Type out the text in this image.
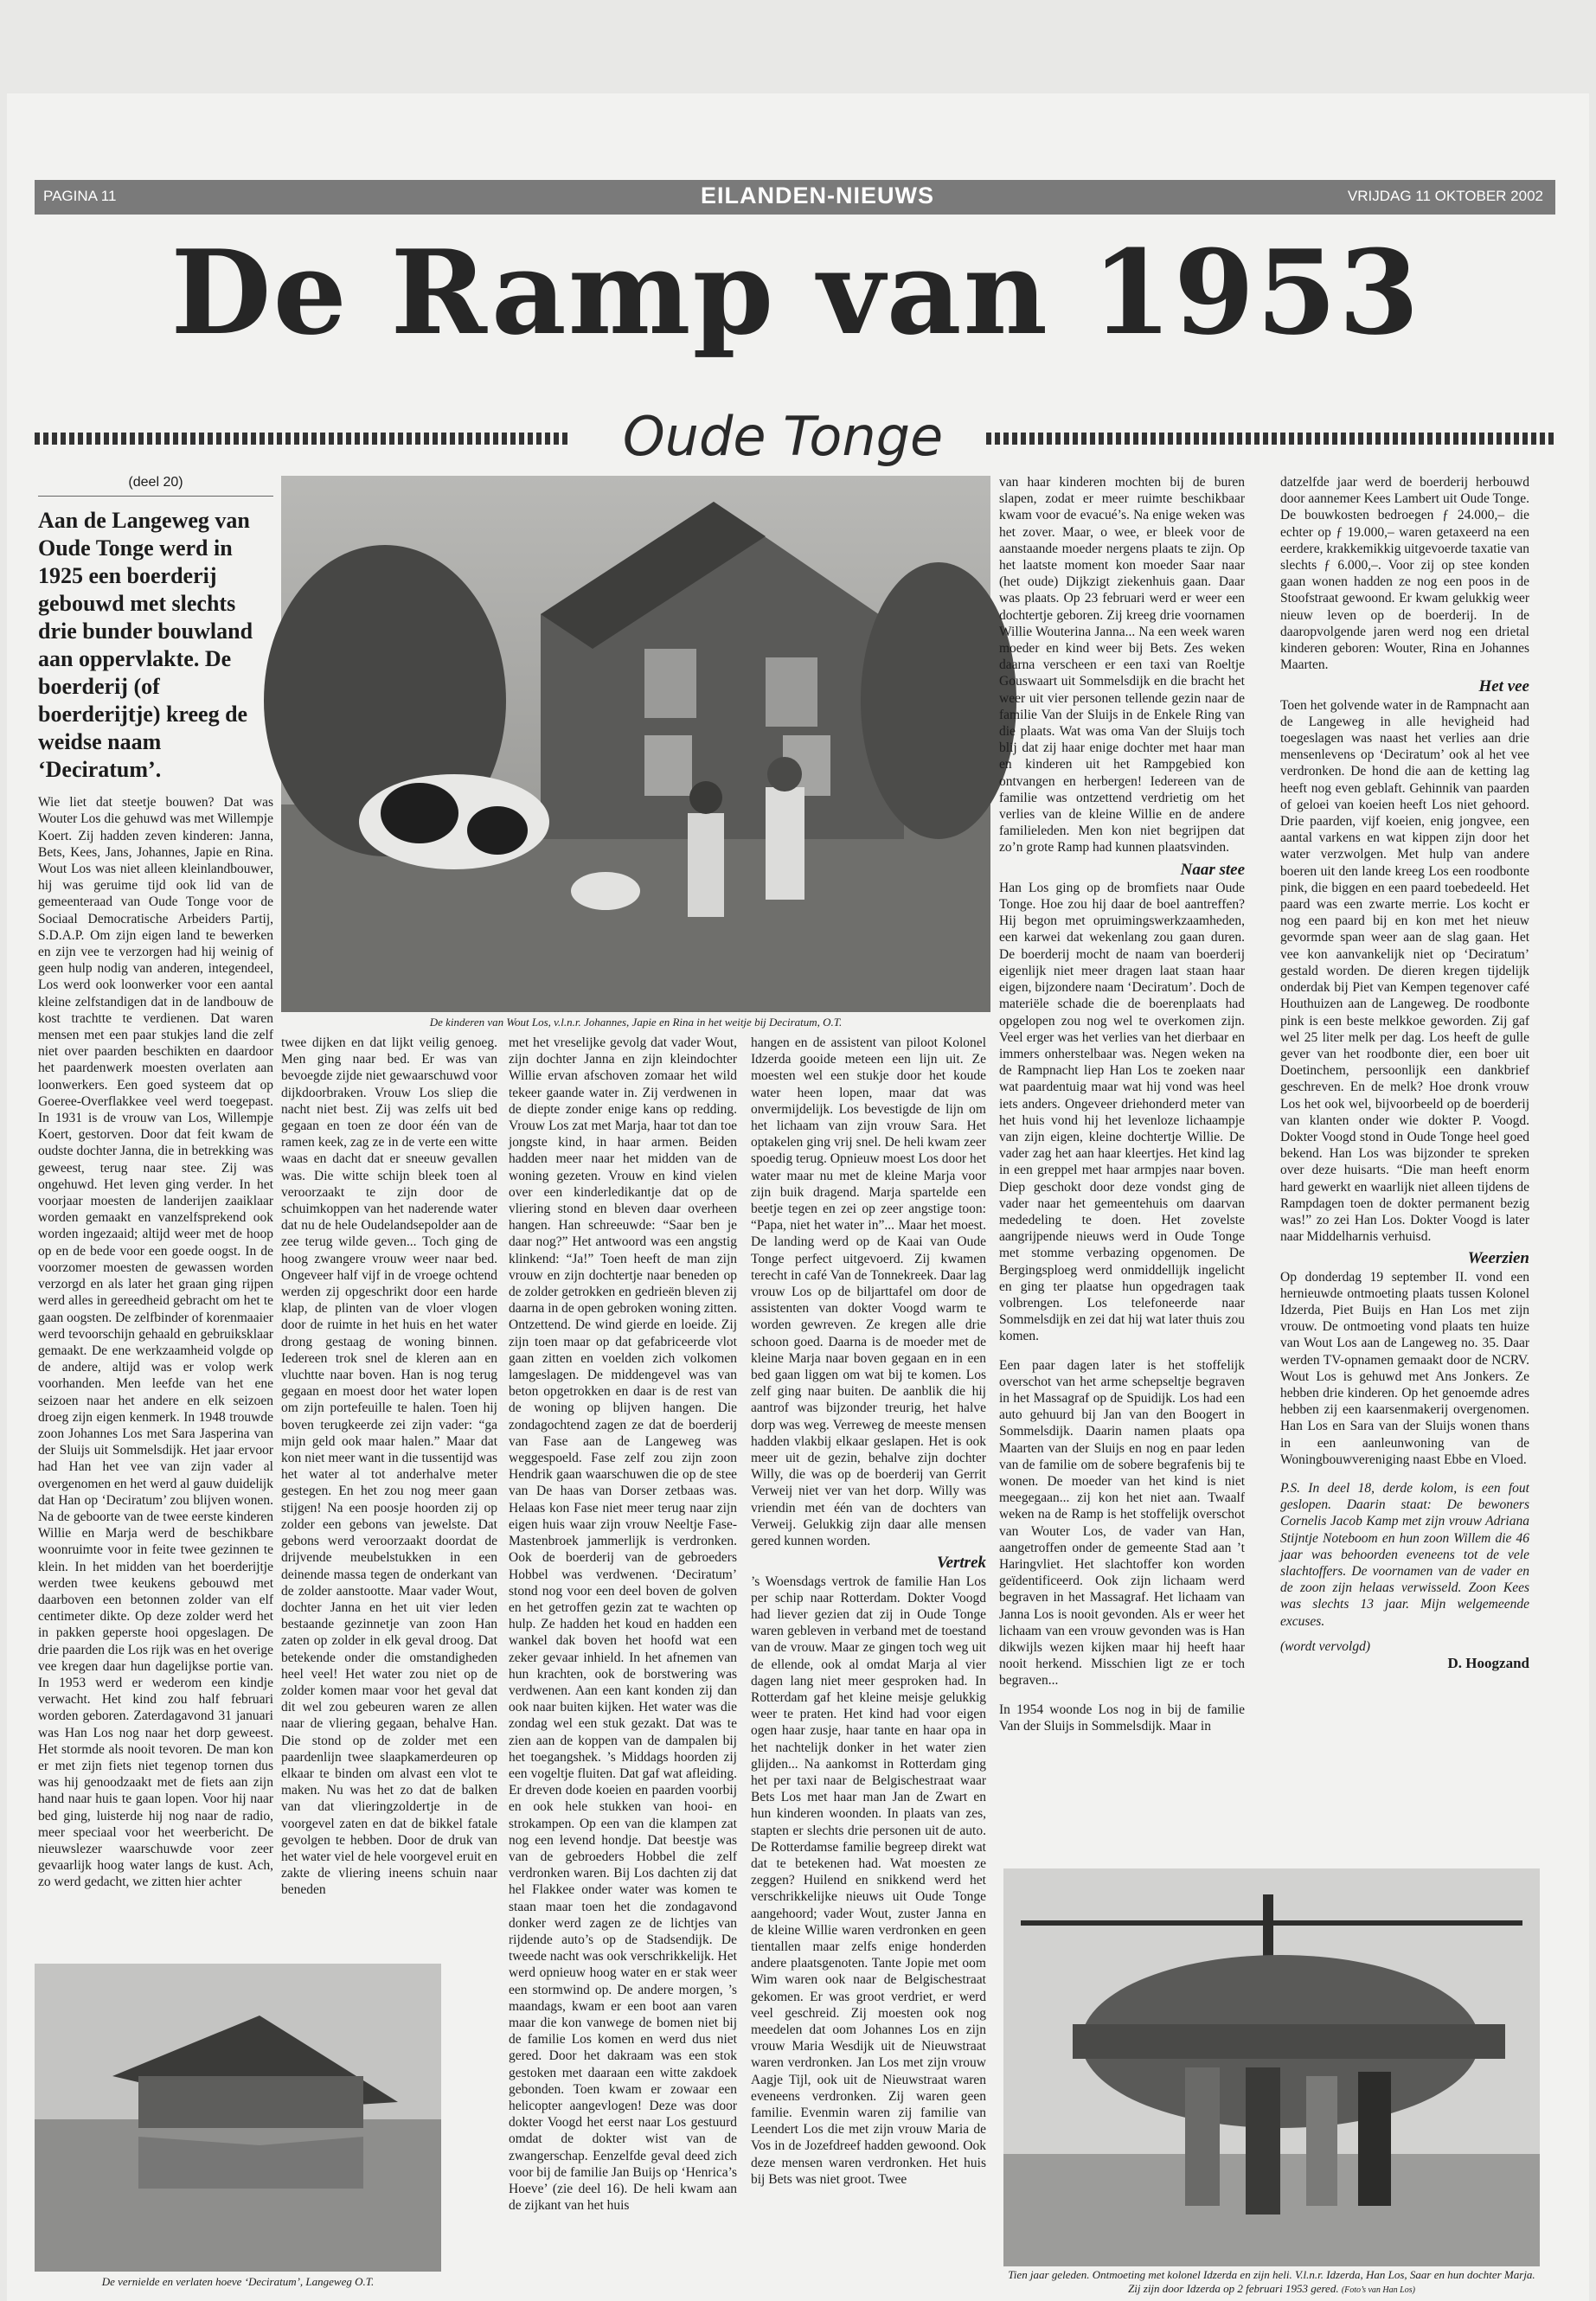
PAGINA 11	EILANDEN-NIEUWS	VRIJDAG 11 OKTOBER 2002
De Ramp van 1953
Oude Tonge
(deel 20)

Aan de Langeweg van Oude Tonge werd in 1925 een boerderij gebouwd met slechts drie bunder bouwland aan oppervlakte. De boerderij (of boerderijtje) kreeg de weidse naam ‘Deciratum’.

Wie liet dat steetje bouwen? Dat was Wouter Los die gehuwd was met Willempje Koert. Zij hadden zeven kinderen: Janna, Bets, Kees, Jans, Johannes, Japie en Rina. Wout Los was niet alleen kleinlandbouwer, hij was geruime tijd ook lid van de gemeenteraad van Oude Tonge voor de Sociaal Democratische Arbeiders Partij, S.D.A.P. Om zijn eigen land te bewerken en zijn vee te verzorgen had hij weinig of geen hulp nodig van anderen, integendeel, Los werd ook loonwerker voor een aantal kleine zelfstandigen dat in de landbouw de kost trachtte te verdienen. Dat waren mensen met een paar stukjes land die zelf niet over paarden beschikten en daardoor het paardenwerk moesten overlaten aan loonwerkers. Een goed systeem dat op Goeree-Overflakkee veel werd toegepast. In 1931 is de vrouw van Los, Willempje Koert, gestorven. Door dat feit kwam de oudste dochter Janna, die in betrekking was geweest, terug naar stee. Zij was ongehuwd. Het leven ging verder. In het voorjaar moesten de landerijen zaaiklaar worden gemaakt en vanzelfsprekend ook worden ingezaaid; altijd weer met de hoop op en de bede voor een goede oogst. In de voorzomer moesten de gewassen worden verzorgd en als later het graan ging rijpen werd alles in gereedheid gebracht om het te gaan oogsten. De zelfbinder of korenmaaier werd tevoorschijn gehaald en gebruiksklaar gemaakt. De ene werkzaamheid volgde op de andere, altijd was er volop werk voorhanden. Men leefde van het ene seizoen naar het andere en elk seizoen droeg zijn eigen kenmerk. In 1948 trouwde zoon Johannes Los met Sara Jasperina van der Sluijs uit Sommelsdijk. Het jaar ervoor had Han het vee van zijn vader al overgenomen en het werd al gauw duidelijk dat Han op ‘Deciratum’ zou blijven wonen. Na de geboorte van de twee eerste kinderen Willie en Marja werd de beschikbare woonruimte voor in feite twee gezinnen te klein. In het midden van het boerderijtje werden twee keukens gebouwd met daarboven een betonnen zolder van elf centimeter dikte. Op deze zolder werd het in pakken geperste hooi opgeslagen. De drie paarden die Los rijk was en het overige vee kregen daar hun dagelijkse portie van. In 1953 werd er wederom een kindje verwacht. Het kind zou half februari worden geboren. Zaterdagavond 31 januari was Han Los nog naar het dorp geweest. Het stormde als nooit tevoren. De man kon er met zijn fiets niet tegenop tornen dus was hij genoodzaakt met de fiets aan zijn hand naar huis te gaan lopen. Voor hij naar bed ging, luisterde hij nog naar de radio, meer speciaal voor het weerbericht. De nieuwslezer waarschuwde voor zeer gevaarlijk hoog water langs de kust. Ach, zo werd gedacht, we zitten hier achter

De kinderen van Wout Los, v.l.n.r. Johannes, Japie en Rina in het weitje bij Deciratum, O.T.

twee dijken en dat lijkt veilig genoeg. Men ging naar bed. Er was van bevoegde zijde niet gewaarschuwd voor dijkdoorbraken. Vrouw Los sliep die nacht niet best. Zij was zelfs uit bed gegaan en toen ze door één van de ramen keek, zag ze in de verte een witte waas en dacht dat er sneeuw gevallen was. Die witte schijn bleek toen al veroorzaakt te zijn door de schuimkoppen van het naderende water dat nu de hele Oudelandsepolder aan de zee terug wilde geven... Toch ging de hoog zwangere vrouw weer naar bed. Ongeveer half vijf in de vroege ochtend werden zij opgeschrikt door een harde klap, de plinten van de vloer vlogen door de ruimte in het huis en het water drong gestaag de woning binnen. Iedereen trok snel de kleren aan en vluchtte naar boven. Han is nog terug gegaan en moest door het water lopen om zijn portefeuille te halen. Toen hij boven terugkeerde zei zijn vader: “ga mijn geld ook maar halen.” Maar dat kon niet meer want in die tussentijd was het water al tot anderhalve meter gestegen. En het zou nog meer gaan stijgen! Na een poosje hoorden zij op zolder een gebons van jewelste. Dat gebons werd veroorzaakt doordat de drijvende meubelstukken in een deinende massa tegen de onderkant van de zolder aanstootte. Maar vader Wout, dochter Janna en het uit vier leden bestaande gezinnetje van zoon Han zaten op zolder in elk geval droog. Dat betekende onder die omstandigheden heel veel! Het water zou niet op de zolder komen maar voor het geval dat dit wel zou gebeuren waren ze allen naar de vliering gegaan, behalve Han. Die stond op de zolder met een paardenlijn twee slaapkamerdeuren op elkaar te binden om alvast een vlot te maken. Nu was het zo dat de balken van dat vlieringzoldertje in de voorgevel zaten en dat de bikkel fatale gevolgen te hebben. Door de druk van het water viel de hele voorgevel eruit en zakte de vliering ineens schuin naar beneden

met het vreselijke gevolg dat vader Wout, zijn dochter Janna en zijn kleindochter Willie ervan afschoven zomaar het wild tekeer gaande water in. Zij verdwenen in de diepte zonder enige kans op redding. Vrouw Los zat met Marja, haar tot dan toe jongste kind, in haar armen. Beiden hadden meer naar het midden van de woning gezeten. Vrouw en kind vielen over een kinderledikantje dat op de vliering stond en bleven daar overheen hangen. Han schreeuwde: “Saar ben je daar nog?” Het antwoord was een angstig klinkend: “Ja!” Toen heeft de man zijn vrouw en zijn dochtertje naar beneden op de zolder getrokken en gedrieën bleven zij daarna in de open gebroken woning zitten. Ontzettend. De wind gierde en loeide. Zij zijn toen maar op dat gefabriceerde vlot gaan zitten en voelden zich volkomen lamgeslagen. De middengevel was van beton opgetrokken en daar is de rest van de woning op blijven hangen. Die zondagochtend zagen ze dat de boerderij van Fase aan de Langeweg was weggespoeld. Fase zelf zou zijn zoon Hendrik gaan waarschuwen die op de stee van De haas van Dorser zetbaas was. Helaas kon Fase niet meer terug naar zijn eigen huis waar zijn vrouw Neeltje Fase-Mastenbroek jammerlijk is verdronken. Ook de boerderij van de gebroeders Hobbel was verdwenen. ‘Deciratum’ stond nog voor een deel boven de golven en het getroffen gezin zat te wachten op hulp. Ze hadden het koud en hadden een wankel dak boven het hoofd wat een zeker gevaar inhield. In het afnemen van hun krachten, ook de borstwering was verdwenen. Aan een kant konden zij dan ook naar buiten kijken. Het water was die zondag wel een stuk gezakt. Dat was te zien aan de koppen van de dampalen bij het toegangshek. ’s Middags hoorden zij een vogeltje fluiten. Dat gaf wat afleiding. Er dreven dode koeien en paarden voorbij en ook hele stukken van hooi- en strokampen. Op een van die klampen zat nog een levend hondje. Dat beestje was van de gebroeders Hobbel die zelf verdronken waren. Bij Los dachten zij dat hel Flakkee onder water was komen te staan maar toen het die zondagavond donker werd zagen ze de lichtjes van rijdende auto’s op de Stadsendijk. De tweede nacht was ook verschrikkelijk. Het werd opnieuw hoog water en er stak weer een stormwind op. De andere morgen, ’s maandags, kwam er een boot aan varen maar die kon vanwege de bomen niet bij de familie Los komen en werd dus niet gered. Door het dakraam was een stok gestoken met daaraan een witte zakdoek gebonden. Toen kwam er zowaar een helicopter aangevlogen! Deze was door dokter Voogd het eerst naar Los gestuurd omdat de dokter wist van de zwangerschap. Eenzelfde geval deed zich voor bij de familie Jan Buijs op ‘Henrica’s Hoeve’ (zie deel 16). De heli kwam aan de zijkant van het huis

hangen en de assistent van piloot Kolonel Idzerda gooide meteen een lijn uit. Ze moesten wel een stukje door het koude water heen lopen, maar dat was onvermijdelijk. Los bevestigde de lijn om het lichaam van zijn vrouw Sara. Het optakelen ging vrij snel. De heli kwam zeer spoedig terug. Opnieuw moest Los door het water maar nu met de kleine Marja voor zijn buik dragend. Marja spartelde een beetje tegen en zei op zeer angstige toon: “Papa, niet het water in”... Maar het moest. De landing werd op de Kaai van Oude Tonge perfect uitgevoerd. Zij kwamen terecht in café Van de Tonnekreek. Daar lag vrouw Los op de biljarttafel om door de assistenten van dokter Voogd warm te worden gewreven. Ze kregen alle drie schoon goed. Daarna is de moeder met de kleine Marja naar boven gegaan en in een bed gaan liggen om wat bij te komen. Los zelf ging naar buiten. De aanblik die hij aantrof was bijzonder treurig, het halve dorp was weg. Verreweg de meeste mensen hadden vlakbij elkaar geslapen. Het is ook meer uit de gezin, behalve zijn dochter Willy, die was op de boerderij van Gerrit Verweij niet ver van het dorp. Willy was vriendin met één van de dochters van Verweij. Gelukkig zijn daar alle mensen gered kunnen worden.

Vertrek

’s Woensdags vertrok de familie Han Los per schip naar Rotterdam. Dokter Voogd had liever gezien dat zij in Oude Tonge waren gebleven in verband met de toestand van de vrouw. Maar ze gingen toch weg uit de ellende, ook al omdat Marja al vier dagen lang niet meer gesproken had. In Rotterdam gaf het kleine meisje gelukkig weer te praten. Het kind had voor eigen ogen haar zusje, haar tante en haar opa in het nachtelijk donker in het water zien glijden... Na aankomst in Rotterdam ging het per taxi naar de Belgischestraat waar Bets Los met haar man Jan de Zwart en hun kinderen woonden. In plaats van zes, stapten er slechts drie personen uit de auto. De Rotterdamse familie begreep direkt wat dat te betekenen had. Wat moesten ze zeggen? Huilend en snikkend werd het verschrikkelijke nieuws uit Oude Tonge aangehoord; vader Wout, zuster Janna en de kleine Willie waren verdronken en geen tientallen maar zelfs enige honderden andere plaatsgenoten. Tante Jopie met oom Wim waren ook naar de Belgischestraat gekomen. Er was groot verdriet, er werd veel geschreid. Zij moesten ook nog meedelen dat oom Johannes Los en zijn vrouw Maria Wesdijk uit de Nieuwstraat waren verdronken. Jan Los met zijn vrouw Aagje Tijl, ook uit de Nieuwstraat waren eveneens verdronken. Zij waren geen familie. Evenmin waren zij familie van Leendert Los die met zijn vrouw Maria de Vos in de Jozefdreef hadden gewoond. Ook deze mensen waren verdronken. Het huis bij Bets was niet groot. Twee

van haar kinderen mochten bij de buren slapen, zodat er meer ruimte beschikbaar kwam voor de evacué’s. Na enige weken was het zover. Maar, o wee, er bleek voor de aanstaande moeder nergens plaats te zijn. Op het laatste moment kon moeder Saar naar (het oude) Dijkzigt ziekenhuis gaan. Daar was plaats. Op 23 februari werd er weer een dochtertje geboren. Zij kreeg drie voornamen Willie Wouterina Janna... Na een week waren moeder en kind weer bij Bets. Zes weken daarna verscheen er een taxi van Roeltje Gouswaart uit Sommelsdijk en die bracht het weer uit vier personen tellende gezin naar de familie Van der Sluijs in de Enkele Ring van die plaats. Wat was oma Van der Sluijs toch blij dat zij haar enige dochter met haar man en kinderen uit het Rampgebied kon ontvangen en herbergen! Iedereen van de familie was ontzettend verdrietig om het verlies van de kleine Willie en de andere familieleden. Men kon niet begrijpen dat zo’n grote Ramp had kunnen plaatsvinden.

Naar stee

Han Los ging op de bromfiets naar Oude Tonge. Hoe zou hij daar de boel aantreffen? Hij begon met opruimingswerkzaamheden, een karwei dat wekenlang zou gaan duren. De boerderij mocht de naam van boerderij eigenlijk niet meer dragen laat staan haar eigen, bijzondere naam ‘Deciratum’. Doch de materiële schade die de boerenplaats had opgelopen zou nog wel te overkomen zijn. Veel erger was het verlies van het dierbaar en immers onherstelbaar was. Negen weken na de Rampnacht liep Han Los te zoeken naar wat paardentuig maar wat hij vond was heel iets anders. Ongeveer driehonderd meter van het huis vond hij het levenloze lichaampje van zijn eigen, kleine dochtertje Willie. De vader zag het aan haar kleertjes. Het kind lag in een greppel met haar armpjes naar boven. Diep geschokt door deze vondst ging de vader naar het gemeentehuis om daarvan mededeling te doen. Het zovelste aangrijpende nieuws werd in Oude Tonge met stomme verbazing opgenomen. De Bergingsploeg werd onmiddellijk ingelicht en ging ter plaatse hun opgedragen taak volbrengen. Los telefoneerde naar Sommelsdijk en zei dat hij wat later thuis zou komen.

Een paar dagen later is het stoffelijk overschot van het arme schepseltje begraven in het Massagraf op de Spuidijk. Los had een auto gehuurd bij Jan van den Boogert in Sommelsdijk. Daarin namen plaats opa Maarten van der Sluijs en nog en paar leden van de familie om de sobere begrafenis bij te wonen. De moeder van het kind is niet meegegaan... zij kon het niet aan. Twaalf weken na de Ramp is het stoffelijk overschot van Wouter Los, de vader van Han, aangetroffen onder de gemeente Stad aan ’t Haringvliet. Het slachtoffer kon worden geïdentificeerd. Ook zijn lichaam werd begraven in het Massagraf. Het lichaam van Janna Los is nooit gevonden. Als er weer het lichaam van een vrouw gevonden was is Han dikwijls wezen kijken maar hij heeft haar nooit herkend. Misschien ligt ze er toch begraven...

In 1954 woonde Los nog in bij de familie Van der Sluijs in Sommelsdijk. Maar in

datzelfde jaar werd de boerderij herbouwd door aannemer Kees Lambert uit Oude Tonge. De bouwkosten bedroegen ƒ 24.000,– die echter op ƒ 19.000,– waren getaxeerd na een eerdere, krakkemikkig uitgevoerde taxatie van slechts ƒ 6.000,–. Voor zij op stee konden gaan wonen hadden ze nog een poos in de Stoofstraat gewoond. Er kwam gelukkig weer nieuw leven op de boerderij. In de daaropvolgende jaren werd nog een drietal kinderen geboren: Wouter, Rina en Johannes Maarten.

Het vee

Toen het golvende water in de Rampnacht aan de Langeweg in alle hevigheid had toegeslagen was naast het verlies aan drie mensenlevens op ‘Deciratum’ ook al het vee verdronken. De hond die aan de ketting lag heeft nog even geblaft. Gehinnik van paarden of geloei van koeien heeft Los niet gehoord. Drie paarden, vijf koeien, enig jongvee, een aantal varkens en wat kippen zijn door het water verzwolgen. Met hulp van andere boeren uit den lande kreeg Los een roodbonte pink, die biggen en een paard toebedeeld. Het paard was een zwarte merrie. Los kocht er nog een paard bij en kon met het nieuw gevormde span weer aan de slag gaan. Het vee kon aanvankelijk niet op ‘Deciratum’ gestald worden. De dieren kregen tijdelijk onderdak bij Piet van Kempen tegenover café Houthuizen aan de Langeweg. De roodbonte pink is een beste melkkoe geworden. Zij gaf wel 25 liter melk per dag. Los heeft de gulle gever van het roodbonte dier, een boer uit Doetinchem, persoonlijk een dankbrief geschreven. En de melk? Hoe dronk vrouw Los het ook wel, bijvoorbeeld op de boerderij van klanten onder wie dokter P. Voogd. Dokter Voogd stond in Oude Tonge heel goed bekend. Han Los was bijzonder te spreken over deze huisarts. “Die man heeft enorm hard gewerkt en waarlijk niet alleen tijdens de Rampdagen toen de dokter permanent bezig was!” zo zei Han Los. Dokter Voogd is later naar Middelharnis verhuisd.

Weerzien

Op donderdag 19 september II. vond een hernieuwde ontmoeting plaats tussen Kolonel Idzerda, Piet Buijs en Han Los met zijn vrouw. De ontmoeting vond plaats ten huize van Wout Los aan de Langeweg no. 35. Daar werden TV-opnamen gemaakt door de NCRV. Wout Los is gehuwd met Ans Jonkers. Ze hebben drie kinderen. Op het genoemde adres hebben zij een kaarsenmakerij overgenomen. Han Los en Sara van der Sluijs wonen thans in een aanleunwoning van de Woningbouwvereniging naast Ebbe en Vloed.

P.S. In deel 18, derde kolom, is een fout geslopen. Daarin staat: De bewoners Cornelis Jacob Kamp met zijn vrouw Adriana Stijntje Noteboom en hun zoon Willem die 46 jaar was behoorden eveneens tot de vele slachtoffers. De voornamen van de vader en de zoon zijn helaas verwisseld. Zoon Kees was slechts 13 jaar. Mijn welgemeende excuses.

(wordt vervolgd)

D. Hoogzand

De vernielde en verlaten hoeve ‘Deciratum’, Langeweg O.T.
Tien jaar geleden. Ontmoeting met kolonel Idzerda en zijn heli. V.l.n.r. Idzerda, Han Los, Saar en hun dochter Marja. Zij zijn door Idzerda op 2 februari 1953 gered. (Foto’s van Han Los)
